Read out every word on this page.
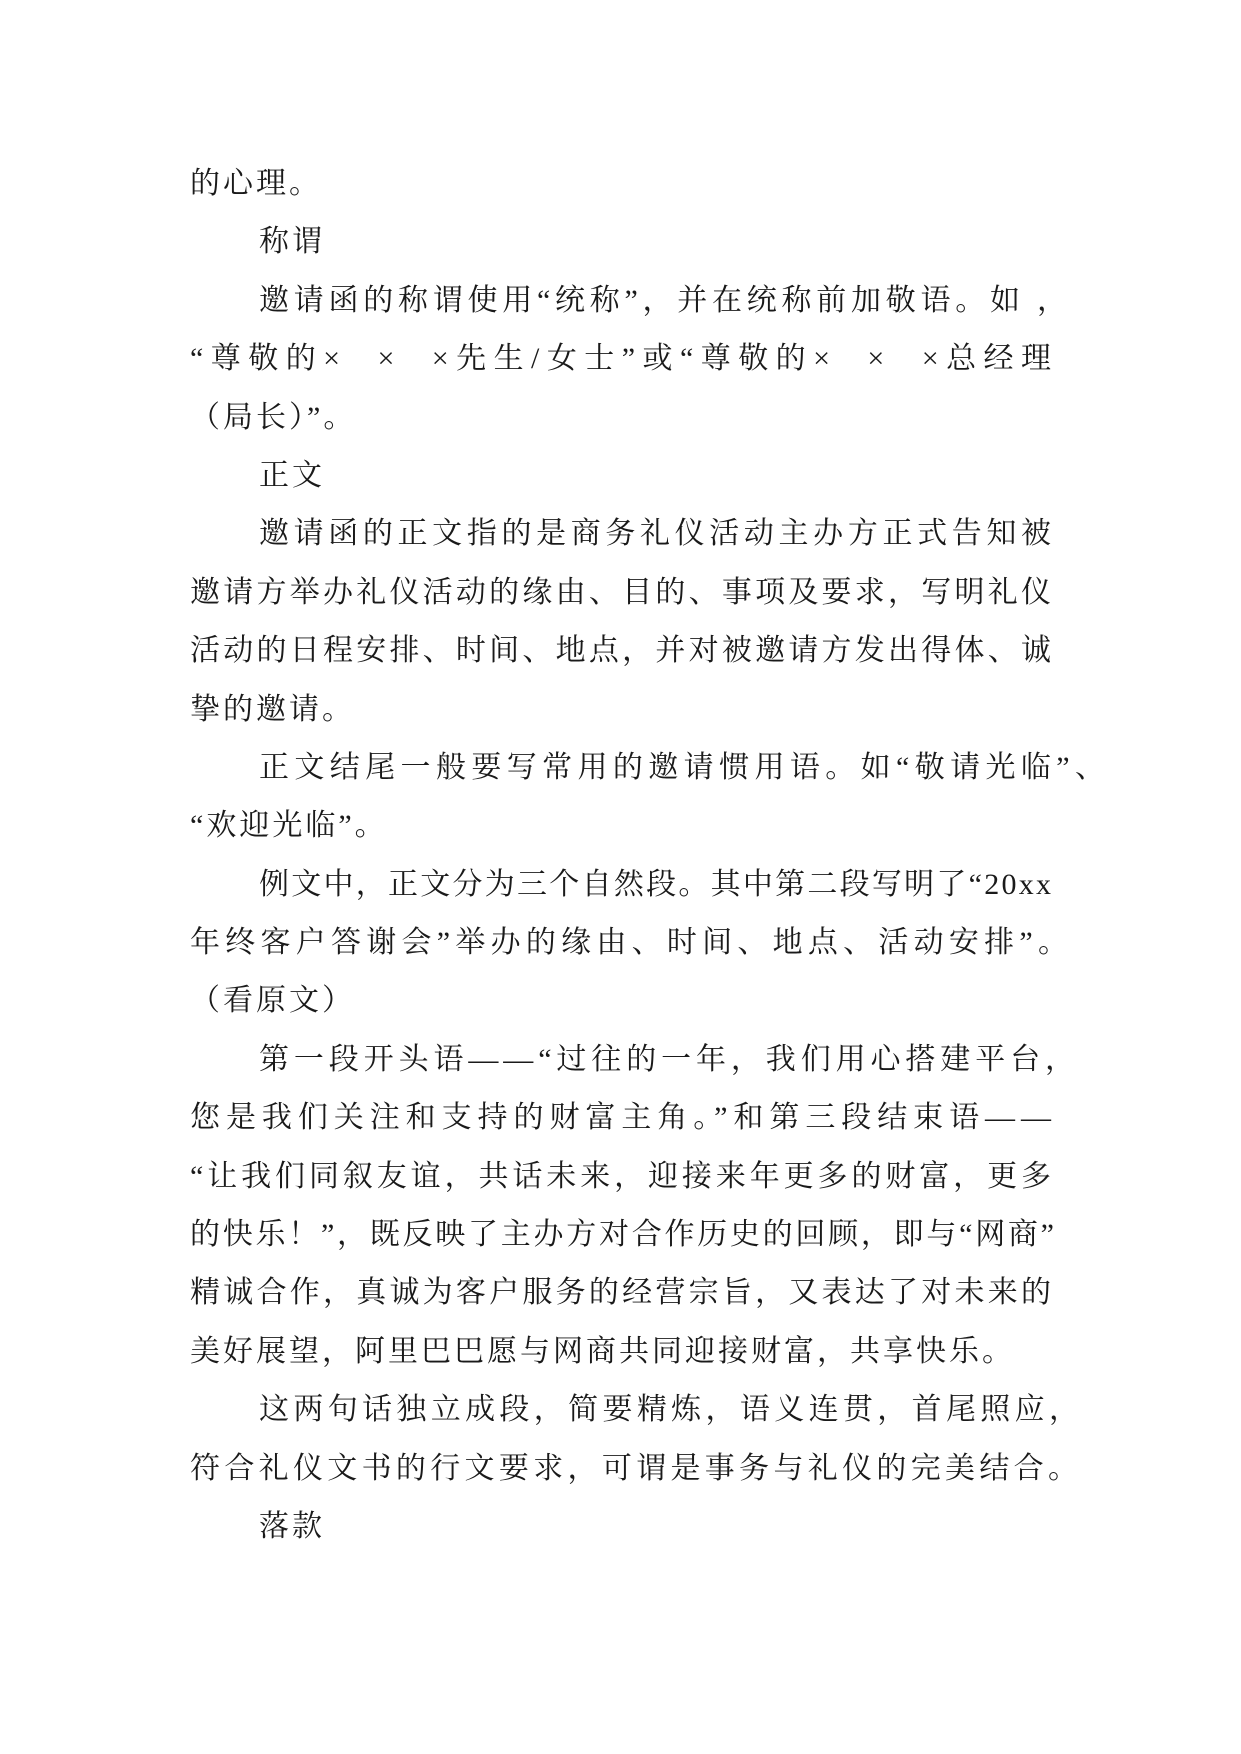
的心理。

称谓

邀请函的称谓使用“统称”，并在统称前加敬语。如 ，
“尊敬的×  ×  ×先生/女士”或“尊敬的×  ×  ×总经理
（局长）”。

正文

邀请函的正文指的是商务礼仪活动主办方正式告知被
邀请方举办礼仪活动的缘由、目的、事项及要求，写明礼仪
活动的日程安排、时间、地点，并对被邀请方发出得体、诚
挚的邀请。

正文结尾一般要写常用的邀请惯用语。如“敬请光临”、
“欢迎光临”。

例文中，正文分为三个自然段。其中第二段写明了“20xx
年终客户答谢会”举办的缘由、时间、地点、活动安排”。
（看原文）

第一段开头语——“过往的一年，我们用心搭建平台，
您是我们关注和支持的财富主角。”和第三段结束语——
“让我们同叙友谊，共话未来，迎接来年更多的财富，更多
的快乐！”，既反映了主办方对合作历史的回顾，即与“网商”
精诚合作，真诚为客户服务的经营宗旨，又表达了对未来的
美好展望，阿里巴巴愿与网商共同迎接财富，共享快乐。

这两句话独立成段，简要精炼，语义连贯，首尾照应，
符合礼仪文书的行文要求，可谓是事务与礼仪的完美结合。

落款
